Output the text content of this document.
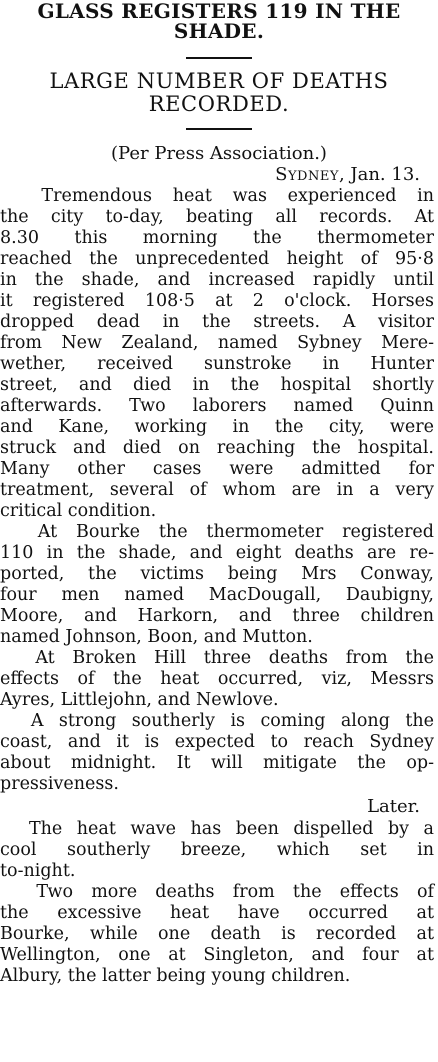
GLASS REGISTERS 119 IN THE
SHADE.
LARGE NUMBER OF DEATHS
RECORDED.
(Per Press Association.)
Sydney, Jan. 13.
Tremendous heat was experienced in
the city to-day, beating all records. At
8.30 this morning the thermometer
reached the unprecedented height of 95·8
in the shade, and increased rapidly until
it registered 108·5 at 2 o'clock. Horses
dropped dead in the streets. A visitor
from New Zealand, named Sybney Mere-
wether, received sunstroke in Hunter
street, and died in the hospital shortly
afterwards. Two laborers named Quinn
and Kane, working in the city, were
struck and died on reaching the hospital.
Many other cases were admitted for
treatment, several of whom are in a very
critical condition.
At Bourke the thermometer registered
110 in the shade, and eight deaths are re-
ported, the victims being Mrs Conway,
four men named MacDougall, Daubigny,
Moore, and Harkorn, and three children
named Johnson, Boon, and Mutton.
At Broken Hill three deaths from the
effects of the heat occurred, viz, Messrs
Ayres, Littlejohn, and Newlove.
A strong southerly is coming along the
coast, and it is expected to reach Sydney
about midnight. It will mitigate the op-
pressiveness.
Later.
The heat wave has been dispelled by a
cool southerly breeze, which set in
to-night.
Two more deaths from the effects of
the excessive heat have occurred at
Bourke, while one death is recorded at
Wellington, one at Singleton, and four at
Albury, the latter being young children.
